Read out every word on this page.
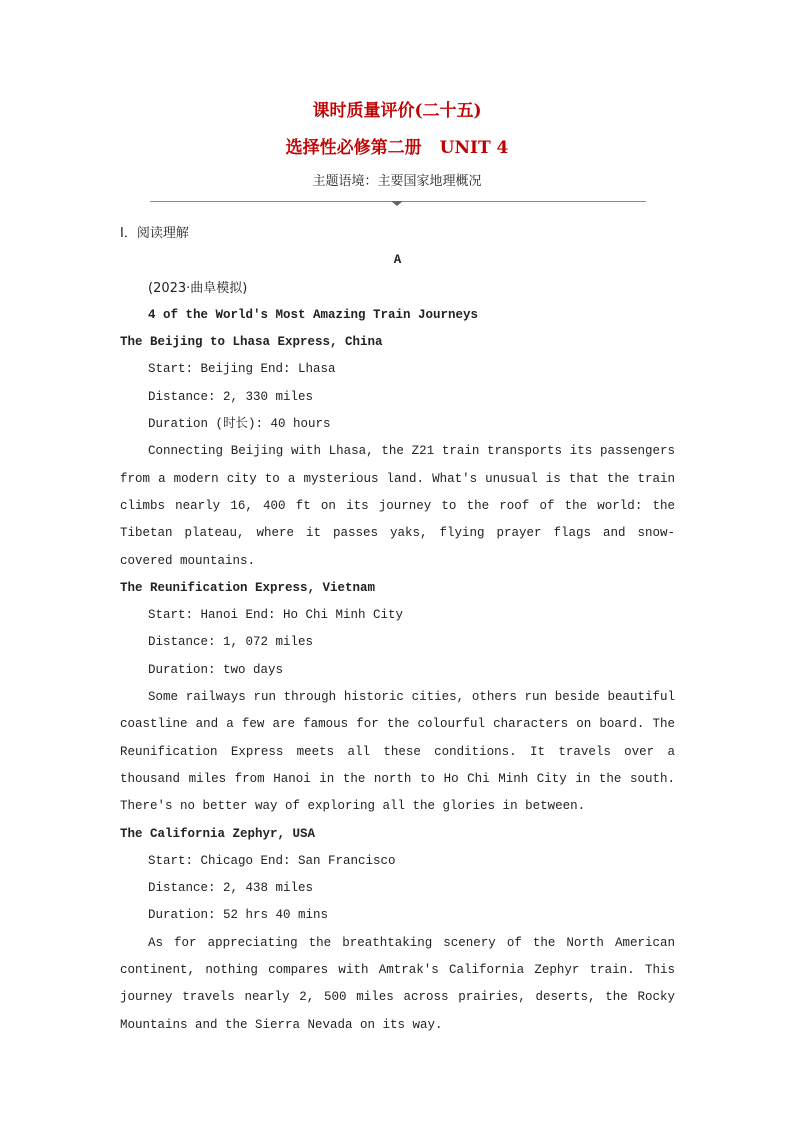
课时质量评价(二十五)
选择性必修第二册 UNIT 4
主题语境：主要国家地理概况

Ⅰ．阅读理解

A

(2023·曲阜模拟)

4 of the World's Most Amazing Train Journeys

The Beijing to Lhasa Express, China

Start: Beijing End: Lhasa

Distance: 2, 330 miles

Duration (时长): 40 hours

Connecting Beijing with Lhasa, the Z21 train transports its passengers from a modern city to a mysterious land. What's unusual is that the train climbs nearly 16, 400 ft on its journey to the roof of the world: the Tibetan plateau, where it passes yaks, flying prayer flags and snow-covered mountains.

The Reunification Express, Vietnam

Start: Hanoi End: Ho Chi Minh City

Distance: 1, 072 miles

Duration: two days

Some railways run through historic cities, others run beside beautiful coastline and a few are famous for the colourful characters on board. The Reunification Express meets all these conditions. It travels over a thousand miles from Hanoi in the north to Ho Chi Minh City in the south. There's no better way of exploring all the glories in between.

The California Zephyr, USA

Start: Chicago End: San Francisco

Distance: 2, 438 miles

Duration: 52 hrs 40 mins

As for appreciating the breathtaking scenery of the North American continent, nothing compares with Amtrak's California Zephyr train. This journey travels nearly 2, 500 miles across prairies, deserts, the Rocky Mountains and the Sierra Nevada on its way.
